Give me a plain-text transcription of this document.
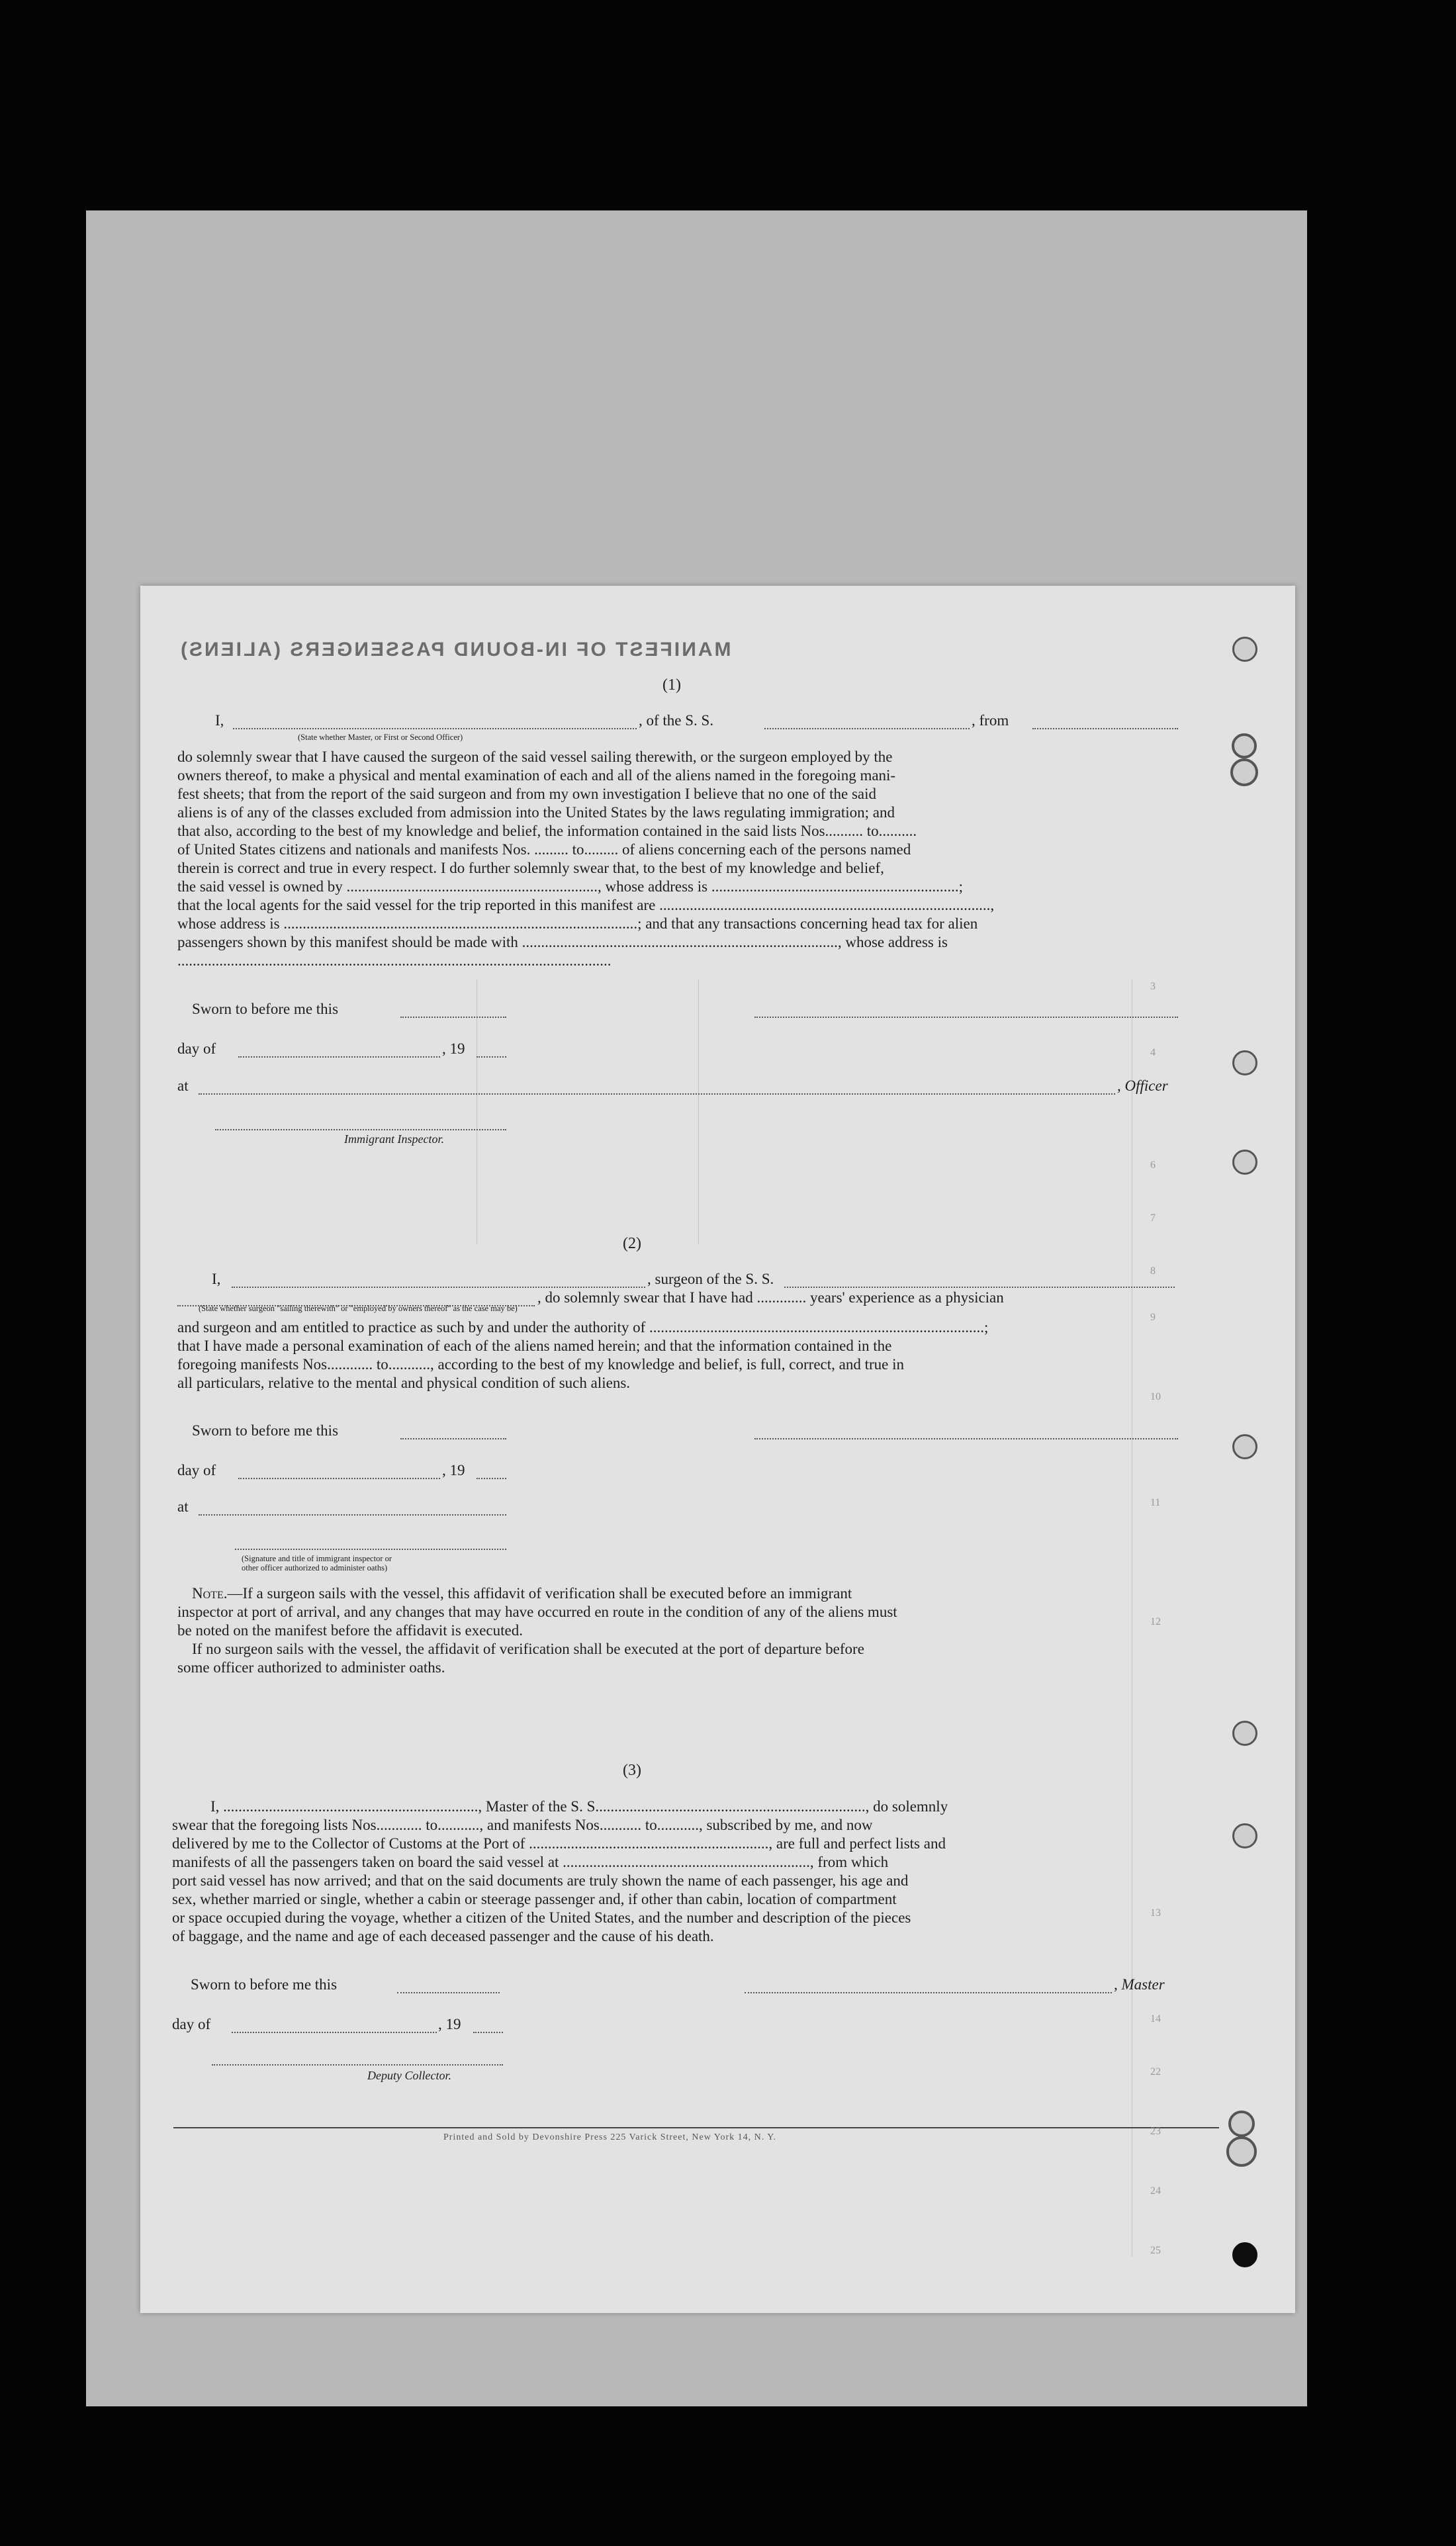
MANIFEST OF IN-BOUND PASSENGERS (ALIENS)
(1)
I,	, of the S. S.	, from
(State whether Master, or First or Second Officer)
do solemnly swear that I have caused the surgeon of the said vessel sailing therewith, or the surgeon employed by the
owners thereof, to make a physical and mental examination of each and all of the aliens named in the foregoing mani-
fest sheets; that from the report of the said surgeon and from my own investigation I believe that no one of the said
aliens is of any of the classes excluded from admission into the United States by the laws regulating immigration; and
that also, according to the best of my knowledge and belief, the information contained in the said lists Nos.......... to..........
of United States citizens and nationals and manifests Nos. ......... to......... of aliens concerning each of the persons named
therein is correct and true in every respect. I do further solemnly swear that, to the best of my knowledge and belief,
the said vessel is owned by .................................................................., whose address is .................................................................;
that the local agents for the said vessel for the trip reported in this manifest are .......................................................................................,
whose address is .............................................................................................; and that any transactions concerning head tax for alien
passengers shown by this manifest should be made with ..................................................................................., whose address is
..................................................................................................................
Sworn to before me this
day of	, 19
at	, Officer
Immigrant Inspector.
(2)
I,	, surgeon of the S. S.
, do solemnly swear that I have had ............. years' experience as a physician
(State whether surgeon "sailing therewith" or "employed by owners thereof" as the case may be)
and surgeon and am entitled to practice as such by and under the authority of ........................................................................................;
that I have made a personal examination of each of the aliens named herein; and that the information contained in the
foregoing manifests Nos............ to..........., according to the best of my knowledge and belief, is full, correct, and true in
all particulars, relative to the mental and physical condition of such aliens.
Sworn to before me this
day of	, 19
at
(Signature and title of immigrant inspector or
other officer authorized to administer oaths)
Note.—If a surgeon sails with the vessel, this affidavit of verification shall be executed before an immigrant
inspector at port of arrival, and any changes that may have occurred en route in the condition of any of the aliens must
be noted on the manifest before the affidavit is executed.
If no surgeon sails with the vessel, the affidavit of verification shall be executed at the port of departure before
some officer authorized to administer oaths.
(3)
I, ..................................................................., Master of the S. S......................................................................., do solemnly
swear that the foregoing lists Nos............ to..........., and manifests Nos........... to..........., subscribed by me, and now
delivered by me to the Collector of Customs at the Port of ..............................................................., are full and perfect lists and
manifests of all the passengers taken on board the said vessel at ................................................................., from which
port said vessel has now arrived; and that on the said documents are truly shown the name of each passenger, his age and
sex, whether married or single, whether a cabin or steerage passenger and, if other than cabin, location of compartment
or space occupied during the voyage, whether a citizen of the United States, and the number and description of the pieces
of baggage, and the name and age of each deceased passenger and the cause of his death.
Sworn to before me this	, Master
day of	, 19
Deputy Collector.
Printed and Sold by Devonshire Press 225 Varick Street, New York 14, N. Y.
3
4
6
7
8
9
10
11
12
13
14
22
23
24
25
